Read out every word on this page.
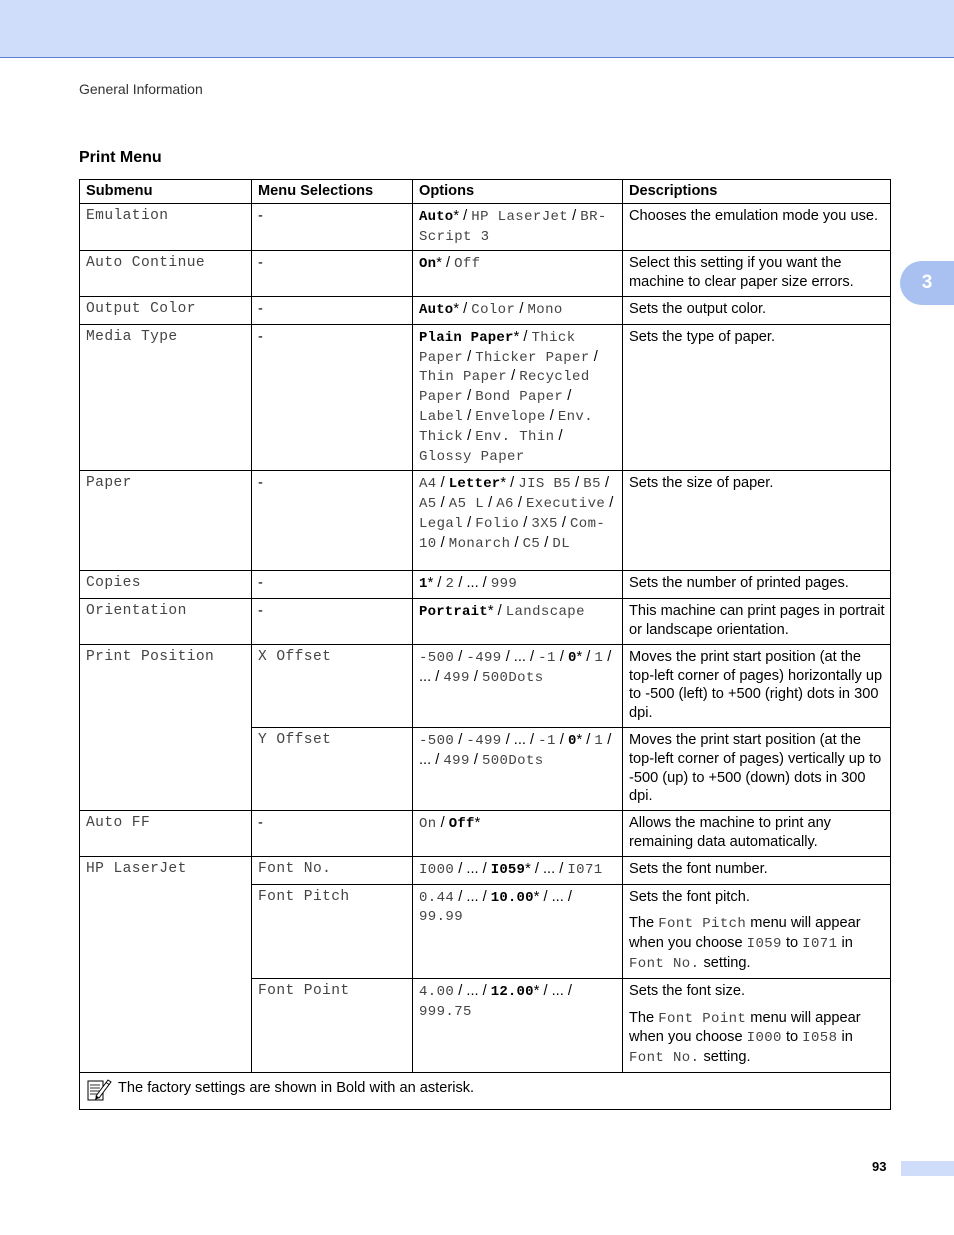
General Information
3
Print Menu
Submenu	Menu Selections	Options	Descriptions
Emulation	-	Auto* / HP LaserJet / BR-Script 3	Chooses the emulation mode you use.
Auto Continue	-	On* / Off	Select this setting if you want the machine to clear paper size errors.
Output Color	-	Auto* / Color / Mono	Sets the output color.
Media Type	-	Plain Paper* / Thick Paper / Thicker Paper / Thin Paper / Recycled Paper / Bond Paper / Label / Envelope / Env. Thick / Env. Thin / Glossy Paper	Sets the type of paper.
Paper	-	A4 / Letter* / JIS B5 / B5 / A5 / A5 L / A6 / Executive / Legal / Folio / 3X5 / Com-10 / Monarch / C5 / DL	Sets the size of paper.
Copies	-	1* / 2 / ... / 999	Sets the number of printed pages.
Orientation	-	Portrait* / Landscape	This machine can print pages in portrait or landscape orientation.
Print Position	X Offset	-500 / -499 / ... / -1 / 0* / 1 / ... / 499 / 500Dots	Moves the print start position (at the top-left corner of pages) horizontally up to -500 (left) to +500 (right) dots in 300 dpi.
	Y Offset	-500 / -499 / ... / -1 / 0* / 1 / ... / 499 / 500Dots	Moves the print start position (at the top-left corner of pages) vertically up to -500 (up) to +500 (down) dots in 300 dpi.
Auto FF	-	On / Off*	Allows the machine to print any remaining data automatically.
HP LaserJet	Font No.	I000 / ... / I059* / ... / I071	Sets the font number.
	Font Pitch	0.44 / ... / 10.00* / ... / 99.99	Sets the font pitch.
The Font Pitch menu will appear when you choose I059 to I071 in Font No. setting.

	Font Point	4.00 / ... / 12.00* / ... / 999.75	Sets the font size.
The Font Point menu will appear when you choose I000 to I058 in Font No. setting.

The factory settings are shown in Bold with an asterisk.			
93
